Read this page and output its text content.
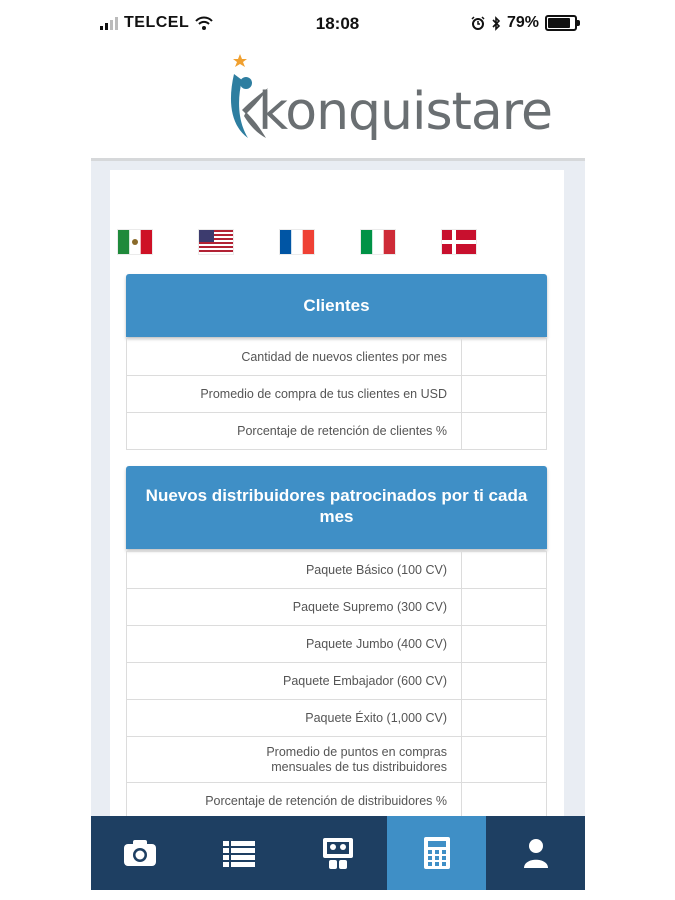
TELCEL	18:08	79%
konquistare
Clientes
Cantidad de nuevos clientes por mes	
Promedio de compra de tus clientes en USD	
Porcentaje de retención de clientes %	
Nuevos distribuidores patrocinados por ti cada mes
Paquete Básico (100 CV)	
Paquete Supremo (300 CV)	
Paquete Jumbo (400 CV)	
Paquete Embajador (600 CV)	
Paquete Éxito (1,000 CV)	
Promedio de puntos en compras mensuales de tus distribuidores	
Porcentaje de retención de distribuidores %	
